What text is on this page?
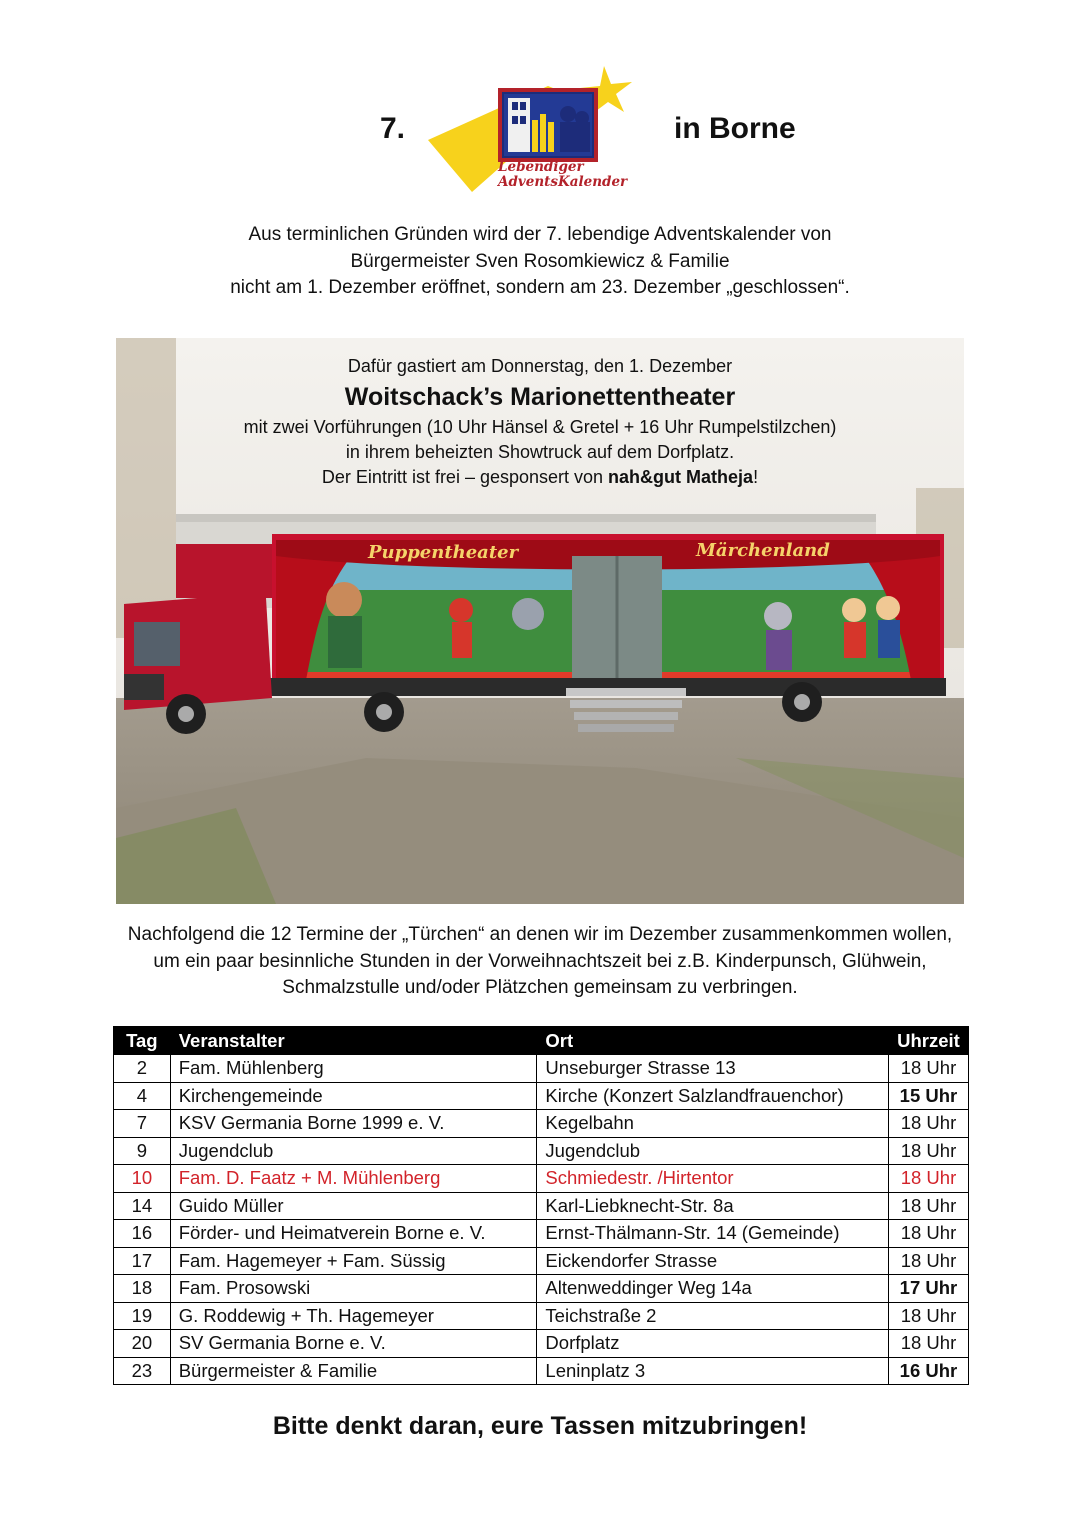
7.
Lebendiger
AdventsKalender
in Borne
Aus terminlichen Gründen wird der 7. lebendige Adventskalender von
Bürgermeister Sven Rosomkiewicz & Familie
nicht am 1. Dezember eröffnet, sondern am 23. Dezember „geschlossen“.
Puppentheater	Märchenland
Dafür gastiert am Donnerstag, den 1. Dezember
Woitschack’s Marionettentheater
mit zwei Vorführungen (10 Uhr Hänsel & Gretel + 16 Uhr Rumpelstilzchen)
in ihrem beheizten Showtruck auf dem Dorfplatz.
Der Eintritt ist frei – gesponsert von nah&gut Matheja!
Nachfolgend die 12 Termine der „Türchen“ an denen wir im Dezember zusammenkommen wollen,
um ein paar besinnliche Stunden in der Vorweihnachtszeit bei z.B. Kinderpunsch, Glühwein,
Schmalzstulle und/oder Plätzchen gemeinsam zu verbringen.
Tag	Veranstalter	Ort	Uhrzeit
2	Fam. Mühlenberg	Unseburger Strasse 13	18 Uhr
4	Kirchengemeinde	Kirche (Konzert Salzlandfrauenchor)	15 Uhr
7	KSV Germania Borne 1999 e. V.	Kegelbahn	18 Uhr
9	Jugendclub	Jugendclub	18 Uhr
10	Fam. D. Faatz + M. Mühlenberg	Schmiedestr. /Hirtentor	18 Uhr
14	Guido Müller	Karl-Liebknecht-Str. 8a	18 Uhr
16	Förder- und Heimatverein Borne e. V.	Ernst-Thälmann-Str. 14 (Gemeinde)	18 Uhr
17	Fam. Hagemeyer + Fam. Süssig	Eickendorfer Strasse	18 Uhr
18	Fam. Prosowski	Altenweddinger Weg 14a	17 Uhr
19	G. Roddewig + Th. Hagemeyer	Teichstraße 2	18 Uhr
20	SV Germania Borne e. V.	Dorfplatz	18 Uhr
23	Bürgermeister & Familie	Leninplatz 3	16 Uhr
Bitte denkt daran, eure Tassen mitzubringen!
